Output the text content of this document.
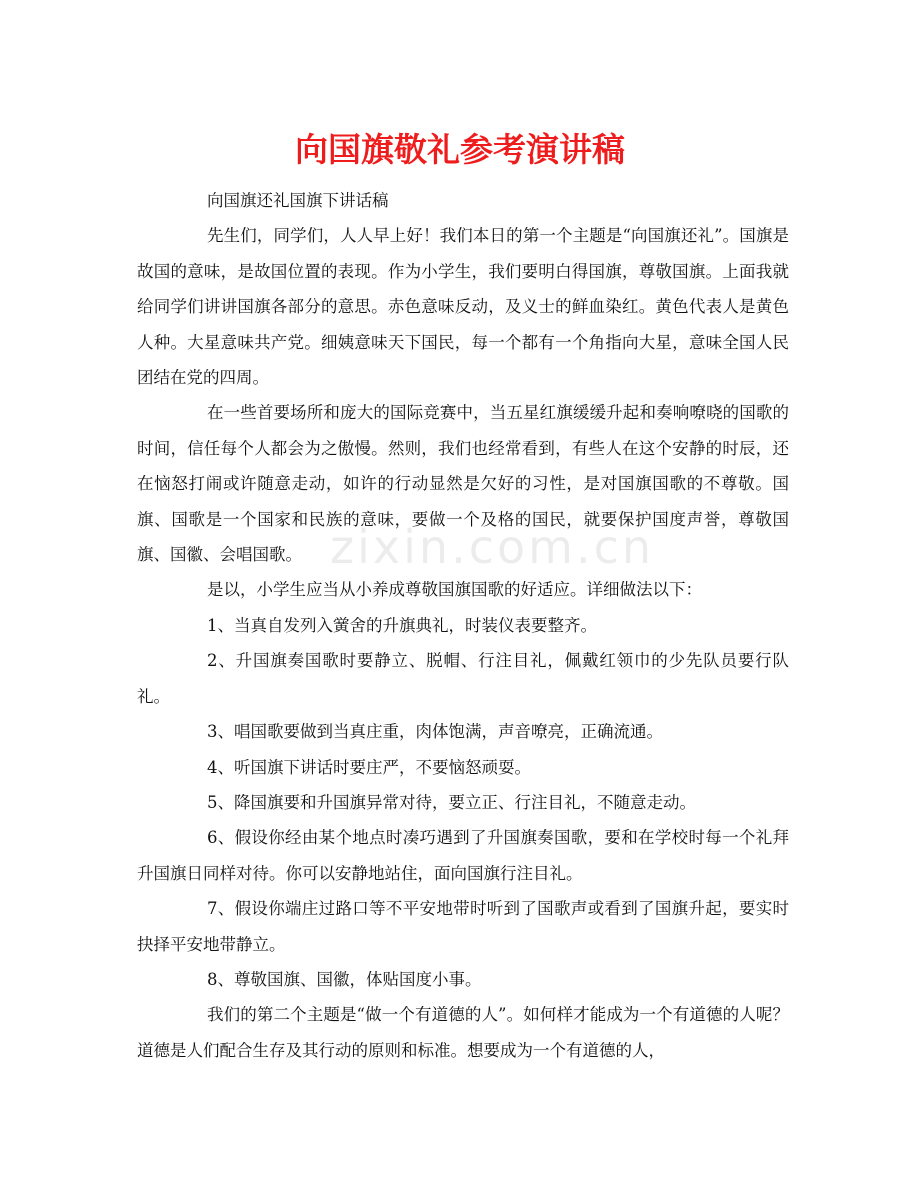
向国旗敬礼参考演讲稿
zixin.com.cn

向国旗还礼国旗下讲话稿

先生们，同学们，人人早上好！我们本日的第一个主题是“向国旗还礼”。国旗是故国的意味，是故国位置的表现。作为小学生，我们要明白得国旗，尊敬国旗。上面我就给同学们讲讲国旗各部分的意思。赤色意味反动，及义士的鲜血染红。黄色代表人是黄色人种。大星意味共产党。细姨意味天下国民，每一个都有一个角指向大星，意味全国人民团结在党的四周。

在一些首要场所和庞大的国际竞赛中，当五星红旗缓缓升起和奏响嘹哓的国歌的时间，信任每个人都会为之傲慢。然则，我们也经常看到，有些人在这个安静的时辰，还在恼怒打闹或许随意走动，如许的行动显然是欠好的习性，是对国旗国歌的不尊敬。国旗、国歌是一个国家和民族的意味，要做一个及格的国民，就要保护国度声誉，尊敬国旗、国徽、会唱国歌。

是以，小学生应当从小养成尊敬国旗国歌的好适应。详细做法以下：

1、当真自发列入黉舍的升旗典礼，时装仪表要整齐。

2、升国旗奏国歌时要静立、脱帽、行注目礼，佩戴红领巾的少先队员要行队礼。

3、唱国歌要做到当真庄重，肉体饱满，声音嘹亮，正确流通。

4、听国旗下讲话时要庄严，不要恼怒顽耍。

5、降国旗要和升国旗异常对待，要立正、行注目礼，不随意走动。

6、假设你经由某个地点时凑巧遇到了升国旗奏国歌，要和在学校时每一个礼拜升国旗日同样对待。你可以安静地站住，面向国旗行注目礼。

7、假设你端庄过路口等不平安地带时听到了国歌声或看到了国旗升起，要实时抉择平安地带静立。

8、尊敬国旗、国徽，体贴国度小事。

我们的第二个主题是“做一个有道德的人”。如何样才能成为一个有道德的人呢？道德是人们配合生存及其行动的原则和标准。想要成为一个有道德的人，
